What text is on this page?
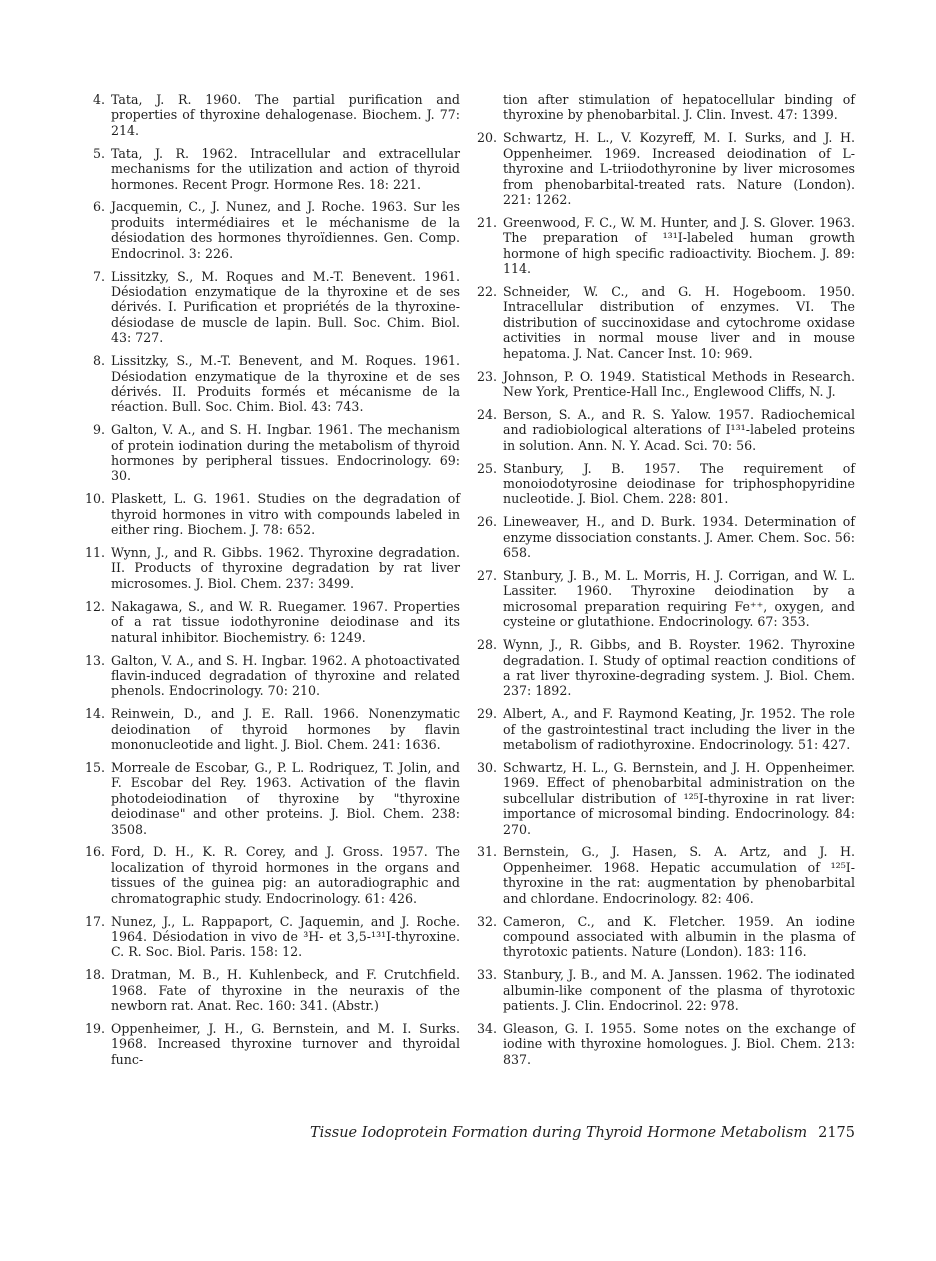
4. Tata, J. R. 1960. The partial purification and properties of thyroxine dehalogenase. Biochem. J. 77: 214.
5. Tata, J. R. 1962. Intracellular and extracellular mechanisms for the utilization and action of thyroid hormones. Recent Progr. Hormone Res. 18: 221.
6. Jacquemin, C., J. Nunez, and J. Roche. 1963. Sur les produits intermédiaires et le méchanisme de la désiodation des hormones thyroïdiennes. Gen. Comp. Endocrinol. 3: 226.
7. Lissitzky, S., M. Roques and M.-T. Benevent. 1961. Désiodation enzymatique de la thyroxine et de ses dérivés. I. Purification et propriétés de la thyroxine-désiodase de muscle de lapin. Bull. Soc. Chim. Biol. 43: 727.
8. Lissitzky, S., M.-T. Benevent, and M. Roques. 1961. Désiodation enzymatique de la thyroxine et de ses dérivés. II. Produits formés et mécanisme de la réaction. Bull. Soc. Chim. Biol. 43: 743.
9. Galton, V. A., and S. H. Ingbar. 1961. The mechanism of protein iodination during the metabolism of thyroid hormones by peripheral tissues. Endocrinology. 69: 30.
10. Plaskett, L. G. 1961. Studies on the degradation of thyroid hormones in vitro with compounds labeled in either ring. Biochem. J. 78: 652.
11. Wynn, J., and R. Gibbs. 1962. Thyroxine degradation. II. Products of thyroxine degradation by rat liver microsomes. J. Biol. Chem. 237: 3499.
12. Nakagawa, S., and W. R. Ruegamer. 1967. Properties of a rat tissue iodothyronine deiodinase and its natural inhibitor. Biochemistry. 6: 1249.
13. Galton, V. A., and S. H. Ingbar. 1962. A photoactivated flavin-induced degradation of thyroxine and related phenols. Endocrinology. 70: 210.
14. Reinwein, D., and J. E. Rall. 1966. Nonenzymatic deiodination of thyroid hormones by flavin mononucleotide and light. J. Biol. Chem. 241: 1636.
15. Morreale de Escobar, G., P. L. Rodriquez, T. Jolin, and F. Escobar del Rey. 1963. Activation of the flavin photodeiodination of thyroxine by "thyroxine deiodinase" and other proteins. J. Biol. Chem. 238: 3508.
16. Ford, D. H., K. R. Corey, and J. Gross. 1957. The localization of thyroid hormones in the organs and tissues of the guinea pig: an autoradiographic and chromatographic study. Endocrinology. 61: 426.
17. Nunez, J., L. Rappaport, C. Jaquemin, and J. Roche. 1964. Désiodation in vivo de ³H- et 3,5-¹³¹I-thyroxine. C. R. Soc. Biol. Paris. 158: 12.
18. Dratman, M. B., H. Kuhlenbeck, and F. Crutchfield. 1968. Fate of thyroxine in the neuraxis of the newborn rat. Anat. Rec. 160: 341. (Abstr.)
19. Oppenheimer, J. H., G. Bernstein, and M. I. Surks. 1968. Increased thyroxine turnover and thyroidal func-
tion after stimulation of hepatocellular binding of thyroxine by phenobarbital. J. Clin. Invest. 47: 1399.
20. Schwartz, H. L., V. Kozyreff, M. I. Surks, and J. H. Oppenheimer. 1969. Increased deiodination of L-thyroxine and L-triiodothyronine by liver microsomes from phenobarbital-treated rats. Nature (London). 221: 1262.
21. Greenwood, F. C., W. M. Hunter, and J. S. Glover. 1963. The preparation of ¹³¹I-labeled human growth hormone of high specific radioactivity. Biochem. J. 89: 114.
22. Schneider, W. C., and G. H. Hogeboom. 1950. Intracellular distribution of enzymes. VI. The distribution of succinoxidase and cytochrome oxidase activities in normal mouse liver and in mouse hepatoma. J. Nat. Cancer Inst. 10: 969.
23. Johnson, P. O. 1949. Statistical Methods in Research. New York, Prentice-Hall Inc., Englewood Cliffs, N. J.
24. Berson, S. A., and R. S. Yalow. 1957. Radiochemical and radiobiological alterations of I¹³¹-labeled proteins in solution. Ann. N. Y. Acad. Sci. 70: 56.
25. Stanbury, J. B. 1957. The requirement of monoiodotyrosine deiodinase for triphosphopyridine nucleotide. J. Biol. Chem. 228: 801.
26. Lineweaver, H., and D. Burk. 1934. Determination of enzyme dissociation constants. J. Amer. Chem. Soc. 56: 658.
27. Stanbury, J. B., M. L. Morris, H. J. Corrigan, and W. L. Lassiter. 1960. Thyroxine deiodination by a microsomal preparation requiring Fe⁺⁺, oxygen, and cysteine or glutathione. Endocrinology. 67: 353.
28. Wynn, J., R. Gibbs, and B. Royster. 1962. Thyroxine degradation. I. Study of optimal reaction conditions of a rat liver thyroxine-degrading system. J. Biol. Chem. 237: 1892.
29. Albert, A., and F. Raymond Keating, Jr. 1952. The role of the gastrointestinal tract including the liver in the metabolism of radiothyroxine. Endocrinology. 51: 427.
30. Schwartz, H. L., G. Bernstein, and J. H. Oppenheimer. 1969. Effect of phenobarbital administration on the subcellular distribution of ¹²⁵I-thyroxine in rat liver: importance of microsomal binding. Endocrinology. 84: 270.
31. Bernstein, G., J. Hasen, S. A. Artz, and J. H. Oppenheimer. 1968. Hepatic accumulation of ¹²⁵I-thyroxine in the rat: augmentation by phenobarbital and chlordane. Endocrinology. 82: 406.
32. Cameron, C., and K. Fletcher. 1959. An iodine compound associated with albumin in the plasma of thyrotoxic patients. Nature (London). 183: 116.
33. Stanbury, J. B., and M. A. Janssen. 1962. The iodinated albumin-like component of the plasma of thyrotoxic patients. J. Clin. Endocrinol. 22: 978.
34. Gleason, G. I. 1955. Some notes on the exchange of iodine with thyroxine homologues. J. Biol. Chem. 213: 837.
Tissue Iodoprotein Formation during Thyroid Hormone Metabolism 2175
